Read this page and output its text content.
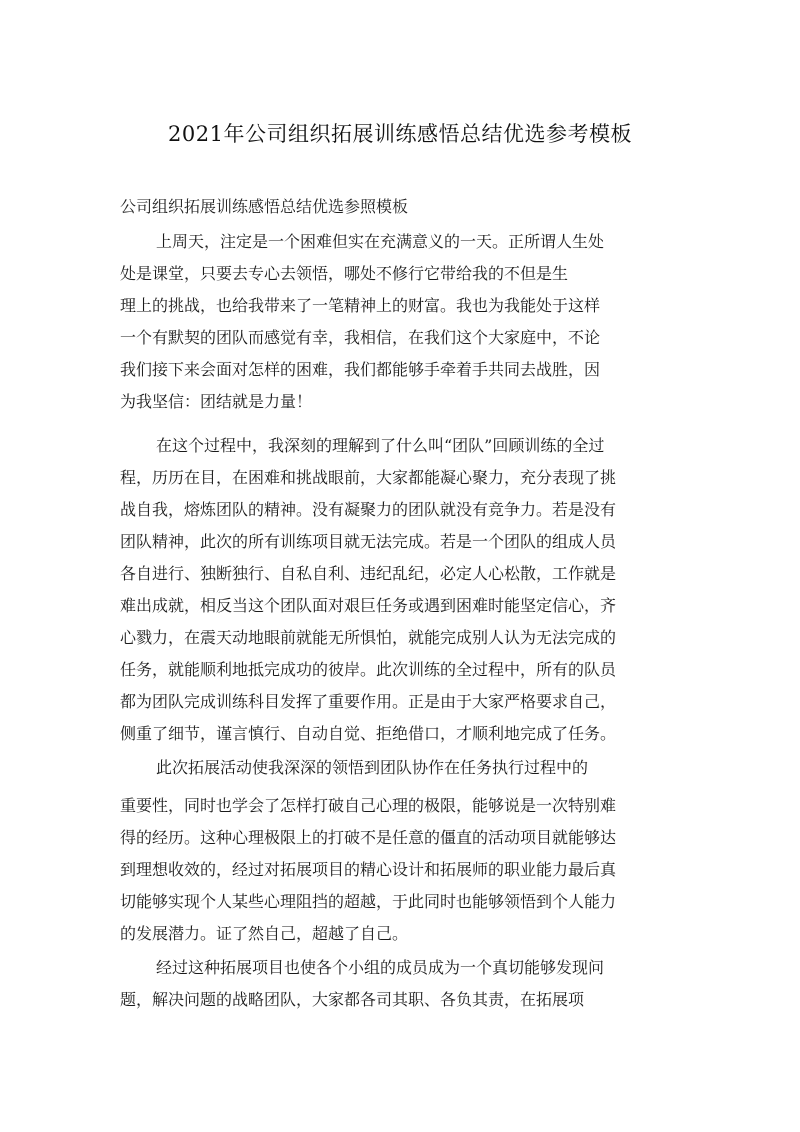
2021年公司组织拓展训练感悟总结优选参考模板

公司组织拓展训练感悟总结优选参照模板

上周天，注定是一个困难但实在充满意义的一天。正所谓人生处

处是课堂，只要去专心去领悟，哪处不修行它带给我的不但是生

理上的挑战，也给我带来了一笔精神上的财富。我也为我能处于这样

一个有默契的团队而感觉有幸，我相信，在我们这个大家庭中，不论

我们接下来会面对怎样的困难，我们都能够手牵着手共同去战胜，因

为我坚信：团结就是力量！

在这个过程中，我深刻的理解到了什么叫“团队”回顾训练的全过

程，历历在目，在困难和挑战眼前，大家都能凝心聚力，充分表现了挑

战自我，熔炼团队的精神。没有凝聚力的团队就没有竞争力。若是没有

团队精神，此次的所有训练项目就无法完成。若是一个团队的组成人员

各自进行、独断独行、自私自利、违纪乱纪，必定人心松散，工作就是

难出成就，相反当这个团队面对艰巨任务或遇到困难时能坚定信心，齐

心戮力，在震天动地眼前就能无所惧怕，就能完成别人认为无法完成的

任务，就能顺利地抵完成功的彼岸。此次训练的全过程中，所有的队员

都为团队完成训练科目发挥了重要作用。正是由于大家严格要求自己，

侧重了细节，谨言慎行、自动自觉、拒绝借口，才顺利地完成了任务。

此次拓展活动使我深深的领悟到团队协作在任务执行过程中的

重要性，同时也学会了怎样打破自己心理的极限，能够说是一次特别难

得的经历。这种心理极限上的打破不是任意的僵直的活动项目就能够达

到理想收效的，经过对拓展项目的精心设计和拓展师的职业能力最后真

切能够实现个人某些心理阻挡的超越，于此同时也能够领悟到个人能力

的发展潜力。证了然自己，超越了自己。

经过这种拓展项目也使各个小组的成员成为一个真切能够发现问

题，解决问题的战略团队，大家都各司其职、各负其责，在拓展项
